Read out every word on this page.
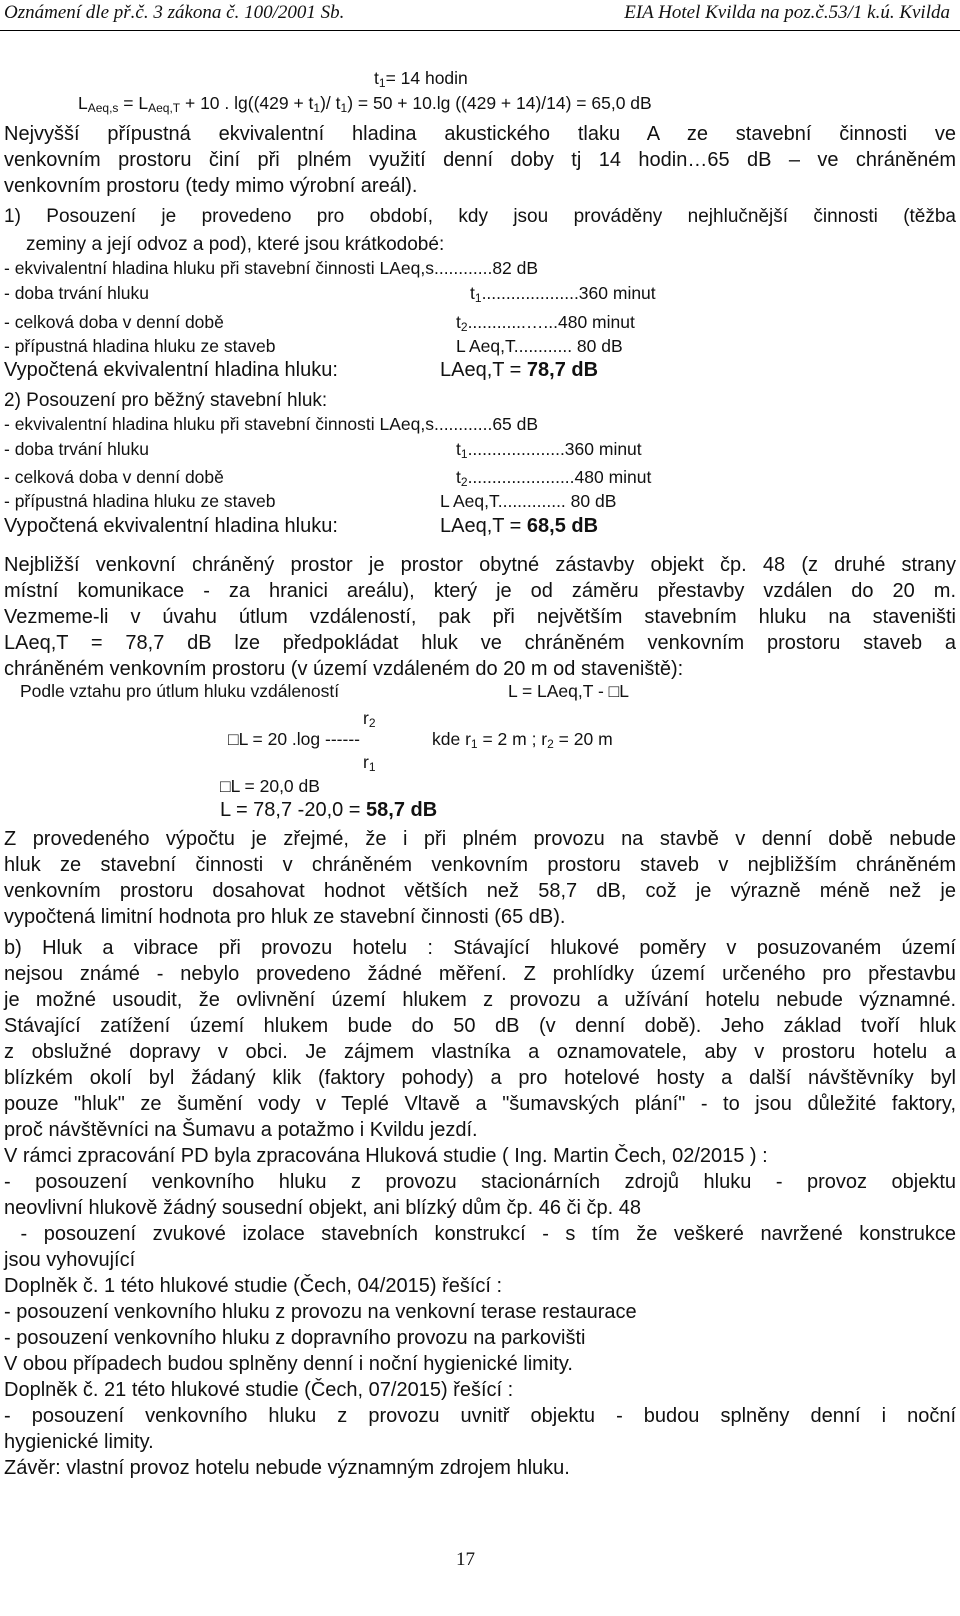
Oznámení dle př.č. 3 zákona č. 100/2001 Sb.	EIA Hotel Kvilda na poz.č.53/1 k.ú. Kvilda
$t_1= 14$ hodin
$L_{Aeq,s} = L_{Aeq,T} + 10$ . $\lg((429 + t_1)/$ $t_1) = 50 + 10.\lg$ ((429 + 14)/14) = 65,0 dB
Nejvyšší přípustná ekvivalentní hladina akustického tlaku A ze stavební činnosti ve
venkovním prostoru činí při plném využití denní doby tj 14 hodin…65 dB – ve chráněném
venkovním prostoru (tedy mimo výrobní areál).
1) Posouzení je provedeno pro období, kdy jsou prováděny nejhlučnější činnosti (těžba
zeminy a její odvoz a pod), které jsou krátkodobé:
- ekvivalentní hladina hluku při stavební činnosti LAeq,s............82 dB
- doba trvání hluku	$t_1....................360$ minut
- celková doba v denní době	$t_2............\dots...480$ minut
- přípustná hladina hluku ze staveb	L Aeq,T............ 80 dB
Vypočtená ekvivalentní hladina hluku:	LAeq,T = 78,7 dB
2) Posouzení pro běžný stavební hluk:
- ekvivalentní hladina hluku při stavební činnosti LAeq,s............65 dB
- doba trvání hluku	$t_1....................360$ minut
- celková doba v denní době	$t_2......................480$ minut
- přípustná hladina hluku ze staveb	L Aeq,T.............. 80 dB
Vypočtená ekvivalentní hladina hluku:	LAeq,T = 68,5 dB
Nejbližší venkovní chráněný prostor je prostor obytné zástavby objekt čp. 48 (z druhé strany
místní komunikace - za hranici areálu), který je od záměru přestavby vzdálen do 20 m.
Vezmeme-li v úvahu útlum vzdáleností, pak při největším stavebním hluku na staveništi
LAeq,T = 78,7 dB lze předpokládat hluk ve chráněném venkovním prostoru staveb a
chráněném venkovním prostoru (v území vzdáleném do 20 m od staveniště):
Podle vztahu pro útlum hluku vzdáleností	L = LAeq,T - □L
$r_2$
□L = 20 .log ------	kde $r_1 = 2$ m ; $r_2 = 20$ m
$r_1$
□L = 20,0 dB
L = 78,7 -20,0 = 58,7 dB
Z provedeného výpočtu je zřejmé, že i při plném provozu na stavbě v denní době nebude
hluk ze stavební činnosti v chráněném venkovním prostoru staveb v nejbližším chráněném
venkovním prostoru dosahovat hodnot větších než 58,7 dB, což je výrazně méně než je
vypočtená limitní hodnota pro hluk ze stavební činnosti (65 dB).
b) Hluk a vibrace při provozu hotelu : Stávající hlukové poměry v posuzovaném území
nejsou známé - nebylo provedeno žádné měření. Z prohlídky území určeného pro přestavbu
je možné usoudit, že ovlivnění území hlukem z provozu a užívání hotelu nebude významné.
Stávající zatížení území hlukem bude do 50 dB (v denní době). Jeho základ tvoří hluk
z obslužné dopravy v obci. Je zájmem vlastníka a oznamovatele, aby v prostoru hotelu a
blízkém okolí byl žádaný klik (faktory pohody) a pro hotelové hosty a další návštěvníky byl
pouze "hluk" ze šumění vody v Teplé Vltavě a "šumavských plání" - to jsou důležité faktory,
proč návštěvníci na Šumavu a potažmo i Kvildu jezdí.
V rámci zpracování PD byla zpracována Hluková studie ( Ing. Martin Čech, 02/2015 ) :
- posouzení venkovního hluku z provozu stacionárních zdrojů hluku - provoz objektu
neovlivní hlukově žádný sousední objekt, ani blízký dům čp. 46 či čp. 48
- posouzení zvukové izolace stavebních konstrukcí - s tím že veškeré navržené konstrukce
jsou vyhovující
Doplněk č. 1 této hlukové studie (Čech, 04/2015) řešící :
- posouzení venkovního hluku z provozu na venkovní terase restaurace
- posouzení venkovního hluku z dopravního provozu na parkovišti
V obou případech budou splněny denní i noční hygienické limity.
Doplněk č. 21 této hlukové studie (Čech, 07/2015) řešící :
- posouzení venkovního hluku z provozu uvnitř objektu - budou splněny denní i noční
hygienické limity.
Závěr: vlastní provoz hotelu nebude významným zdrojem hluku.
17
